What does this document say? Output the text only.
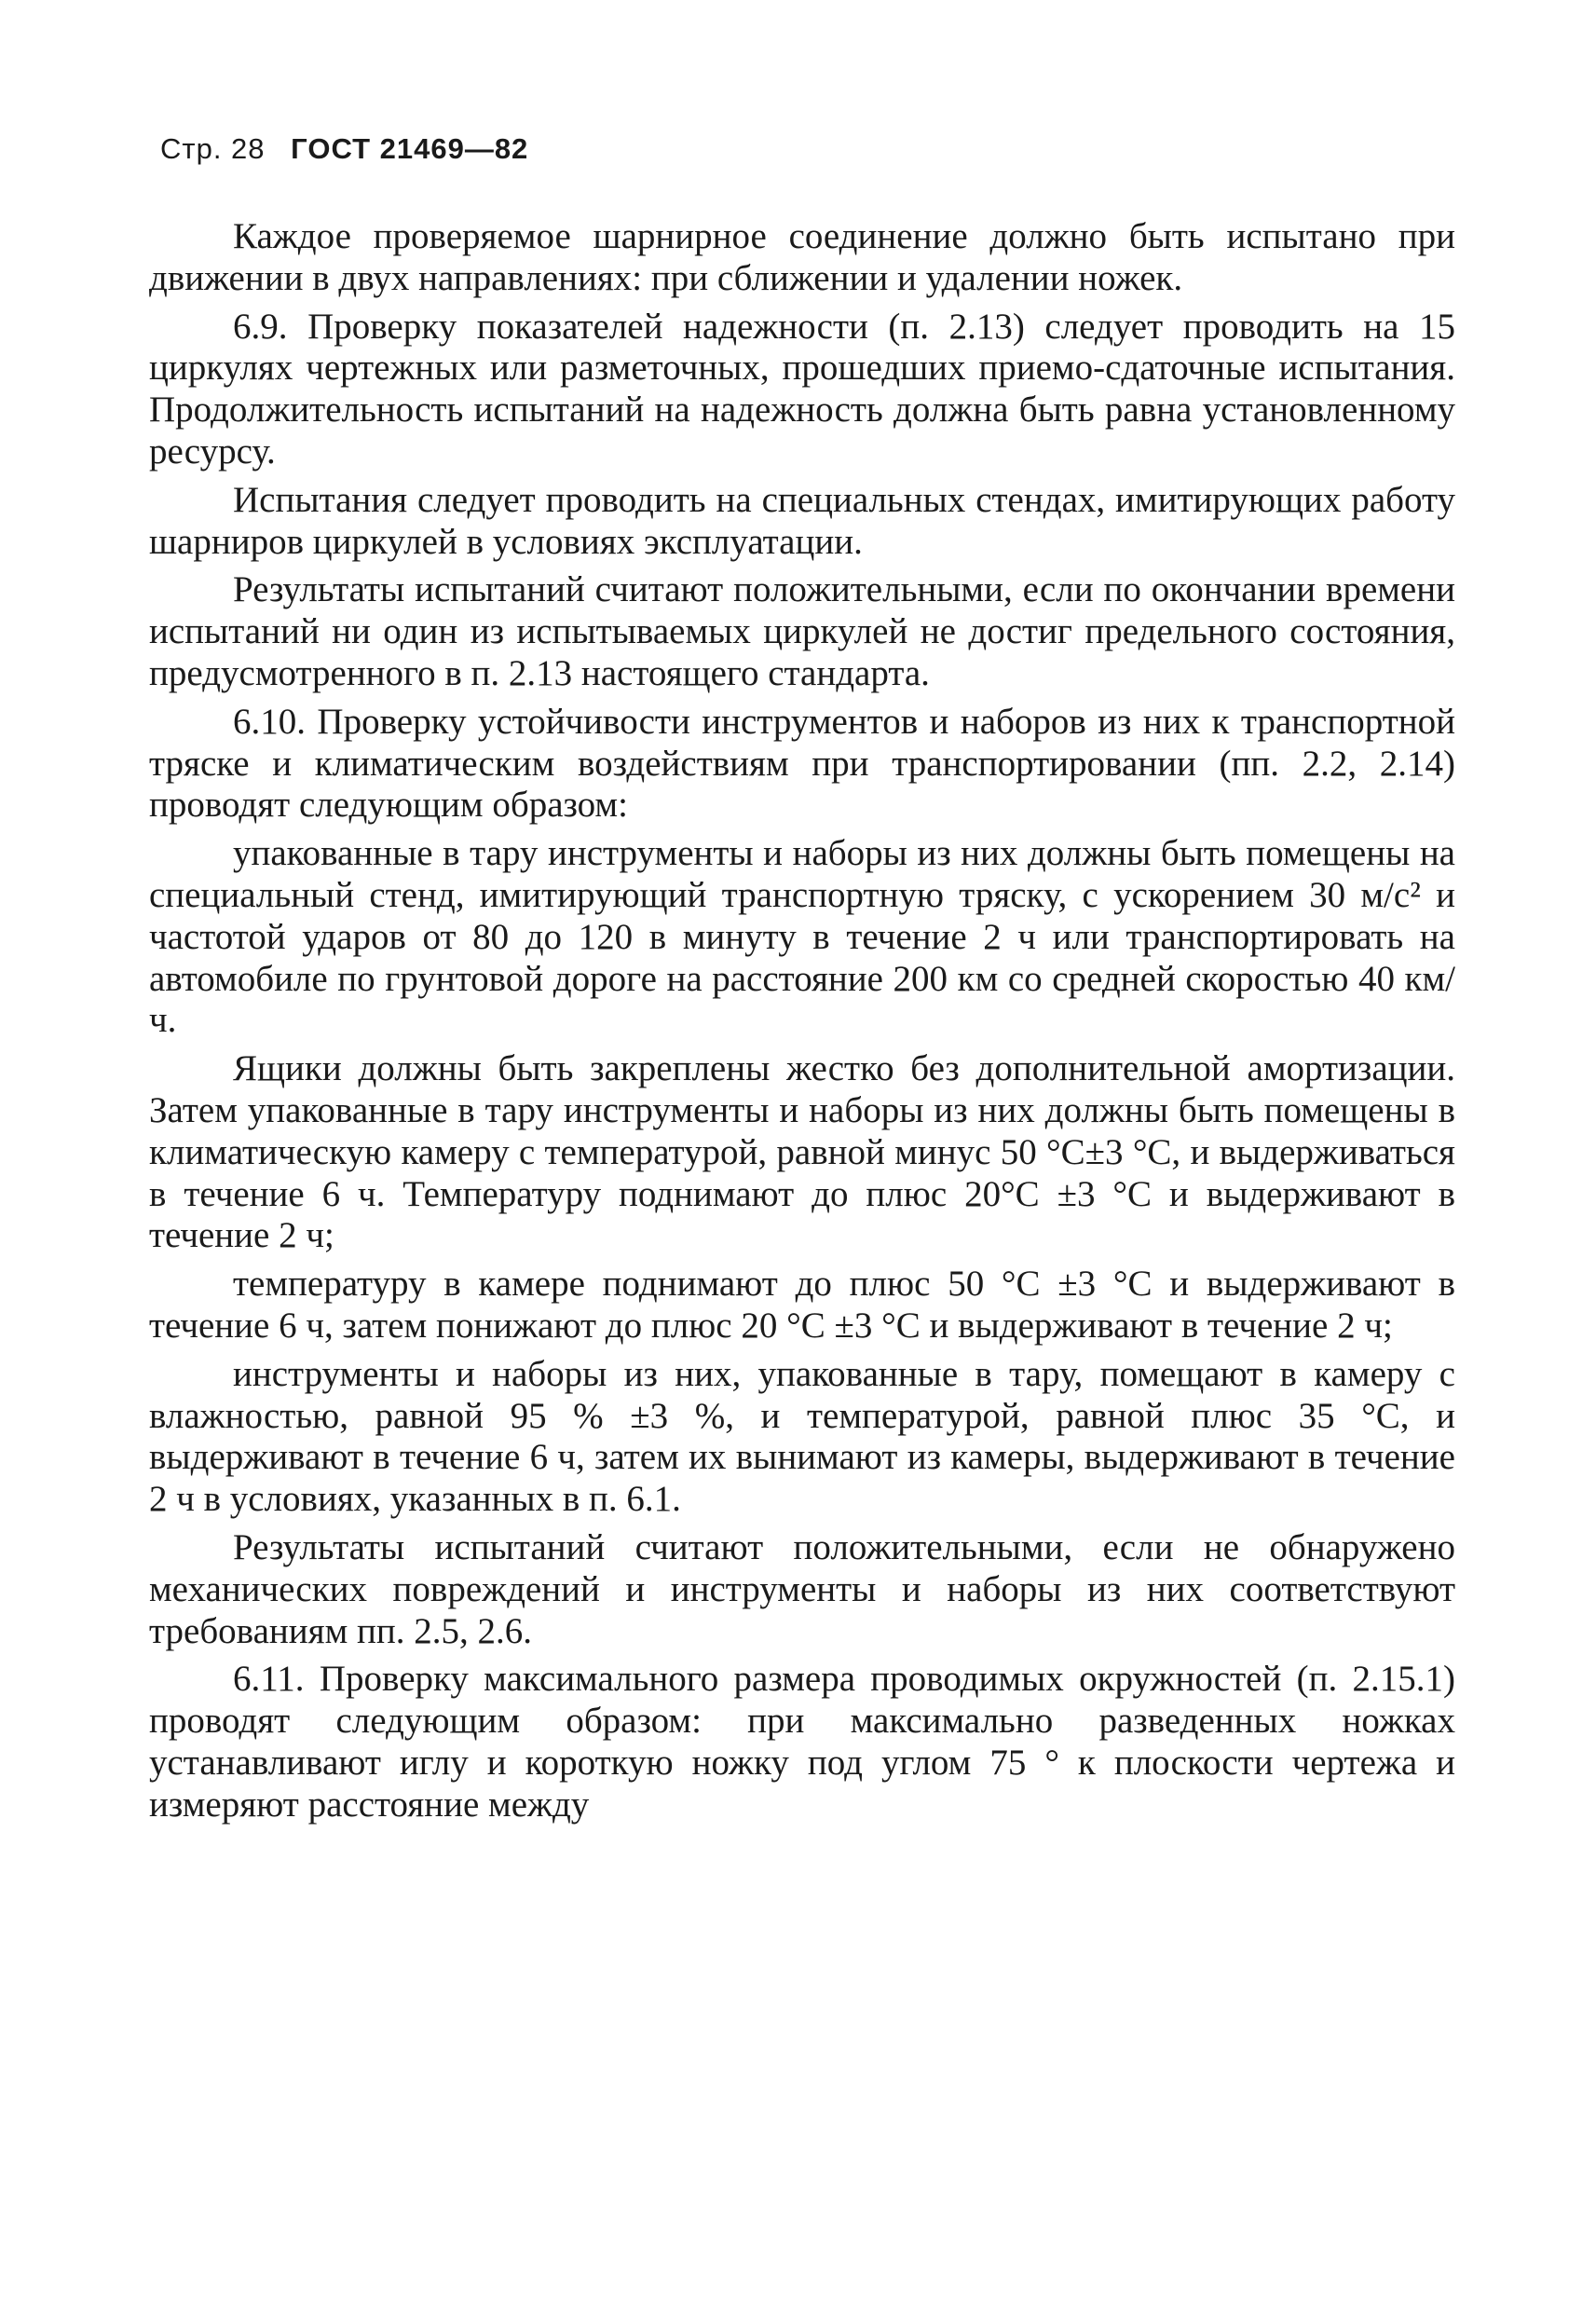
Стр. 28 ГОСТ 21469—82

Каждое проверяемое шарнирное соединение должно быть испытано при движении в двух направлениях: при сближении и удалении ножек.

6.9. Проверку показателей надежности (п. 2.13) следует проводить на 15 циркулях чертежных или разметочных, прошедших приемо-сдаточные испытания. Продолжительность испытаний на надежность должна быть равна установленному ресурсу.

Испытания следует проводить на специальных стендах, имитирующих работу шарниров циркулей в условиях эксплуатации.

Результаты испытаний считают положительными, если по окончании времени испытаний ни один из испытываемых циркулей не достиг предельного состояния, предусмотренного в п. 2.13 настоящего стандарта.

6.10. Проверку устойчивости инструментов и наборов из них к транспортной тряске и климатическим воздействиям при транспортировании (пп. 2.2, 2.14) проводят следующим образом:

упакованные в тару инструменты и наборы из них должны быть помещены на специальный стенд, имитирующий транспортную тряску, с ускорением 30 м/с² и частотой ударов от 80 до 120 в минуту в течение 2 ч или транспортировать на автомобиле по грунтовой дороге на расстояние 200 км со средней скоростью 40 км/ч.

Ящики должны быть закреплены жестко без дополнительной амортизации. Затем упакованные в тару инструменты и наборы из них должны быть помещены в климатическую камеру с температурой, равной минус 50 °С±3 °С, и выдерживаться в течение 6 ч. Температуру поднимают до плюс 20°С ±3 °С и выдерживают в течение 2 ч;

температуру в камере поднимают до плюс 50 °С ±3 °С и выдерживают в течение 6 ч, затем понижают до плюс 20 °С ±3 °С и выдерживают в течение 2 ч;

инструменты и наборы из них, упакованные в тару, помещают в камеру с влажностью, равной 95 % ±3 %, и температурой, равной плюс 35 °С, и выдерживают в течение 6 ч, затем их вынимают из камеры, выдерживают в течение 2 ч в условиях, указанных в п. 6.1.

Результаты испытаний считают положительными, если не обнаружено механических повреждений и инструменты и наборы из них соответствуют требованиям пп. 2.5, 2.6.

6.11. Проверку максимального размера проводимых окружностей (п. 2.15.1) проводят следующим образом: при максимально разведенных ножках устанавливают иглу и короткую ножку под углом 75 ° к плоскости чертежа и измеряют расстояние между
